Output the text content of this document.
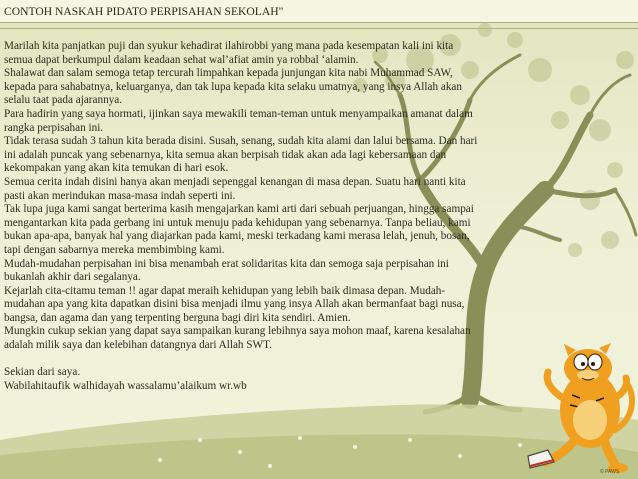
CONTOH NASKAH PIDATO PERPISAHAN SEKOLAH"

Marilah kita panjatkan puji dan syukur kehadirat ilahirobbi yang mana pada kesempatan kali ini kita
semua dapat berkumpul dalam keadaan sehat wal’afiat amin ya robbal ‘alamin.

Shalawat dan salam semoga tetap tercurah limpahkan kepada junjungan kita nabi Muhammad SAW,
kepada para sahabatnya, keluarganya, dan tak lupa kepada kita selaku umatnya, yang insya Allah akan
selalu taat pada ajarannya.

Para hadirin yang saya hormati, ijinkan saya mewakili teman-teman untuk menyampaikan amanat dalam
rangka perpisahan ini.

Tidak terasa sudah 3 tahun kita berada disini. Susah, senang, sudah kita alami dan lalui bersama. Dan hari
ini adalah puncak yang sebenarnya, kita semua akan berpisah tidak akan ada lagi kebersamaan dan
kekompakan yang akan kita temukan di hari esok.

Semua cerita indah disini hanya akan menjadi sepenggal kenangan di masa depan. Suatu hari nanti kita
pasti akan merindukan masa-masa indah seperti ini.

Tak lupa juga kami sangat berterima kasih mengajarkan kami arti dari sebuah perjuangan, hingga sampai
mengantarkan kita pada gerbang ini untuk menuju pada kehidupan yang sebenarnya. Tanpa beliau, kami
bukan apa-apa, banyak hal yang diajarkan pada kami, meski terkadang kami merasa lelah, jenuh, bosan,
tapi dengan sabarnya mereka membimbing kami.

Mudah-mudahan perpisahan ini bisa menambah erat solidaritas kita dan semoga saja perpisahan ini
bukanlah akhir dari segalanya.

Kejarlah cita-citamu teman !! agar dapat meraih kehidupan yang lebih baik dimasa depan. Mudah-
mudahan apa yang kita dapatkan disini bisa menjadi ilmu yang insya Allah akan bermanfaat bagi nusa,
bangsa, dan agama dan yang terpenting berguna bagi diri kita sendiri. Amien.

Mungkin cukup sekian yang dapat saya sampaikan kurang lebihnya saya mohon maaf, karena kesalahan
adalah milik saya dan kelebihan datangnya dari Allah SWT.

Sekian dari saya.

Wabilahitaufik walhidayah wassalamu’alaikum wr.wb

© PAWS
